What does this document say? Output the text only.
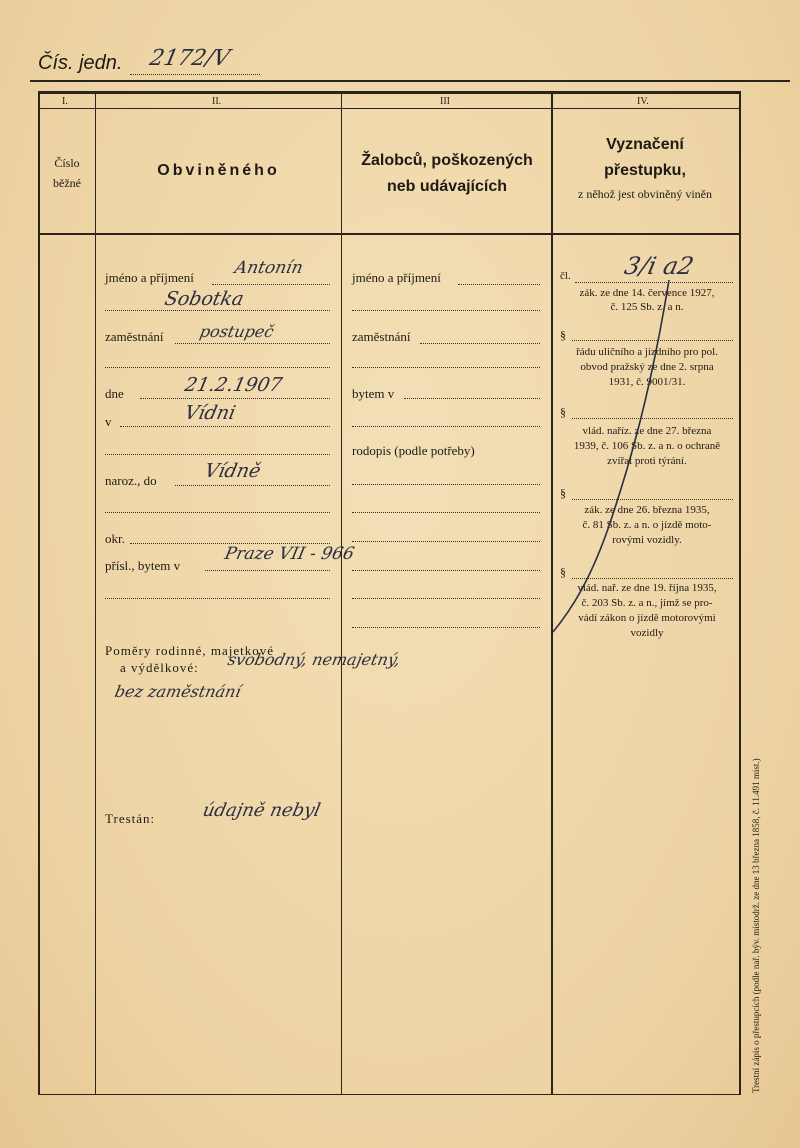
Čís. jedn. 2172/V
I.	II.	III	IV.
Číslo běžné
Obviněného
Žalobců, poškozených neb udávajících
Vyznačení přestupku,
z něhož jest obviněný viněn
jméno a příjmení Antonín
Sobotka
zaměstnání postupeč
dne	21.2.1907
v	Vídni
naroz., do Vídně
okr.
přísl., bytem v
Praze VII - 966
Poměry rodinné, majetkové
a výdělkové: svobodný, nemajetný,
bez zaměstnání
Trestán:	údajně nebyl
jméno a příjmení
zaměstnání
bytem v
rodopis (podle potřeby)
čl. 3/i a2
zák. ze dne 14. července 1927,
č. 125 Sb. z. a n.
§
řádu uličního a jízdního pro pol.
obvod pražský ze dne 2. srpna
1931, č. 9001/31.
§
vlád. naříz. ze dne 27. března
1939, č. 106 Sb. z. a n. o ochraně
zvířat proti týrání.
§
zák. ze dne 26. března 1935,
č. 81 Sb. z. a n. o jízdě moto-
rovými vozidly.
§
vlád. nař. ze dne 19. října 1935,
č. 203 Sb. z. a n., jímž se pro-
vádí zákon o jízdě motorovými
vozidly
Trestní zápis o přestupcích (podle nař. býv. místodrž. ze dne 13 března 1858, č. 11.491 mist.)
